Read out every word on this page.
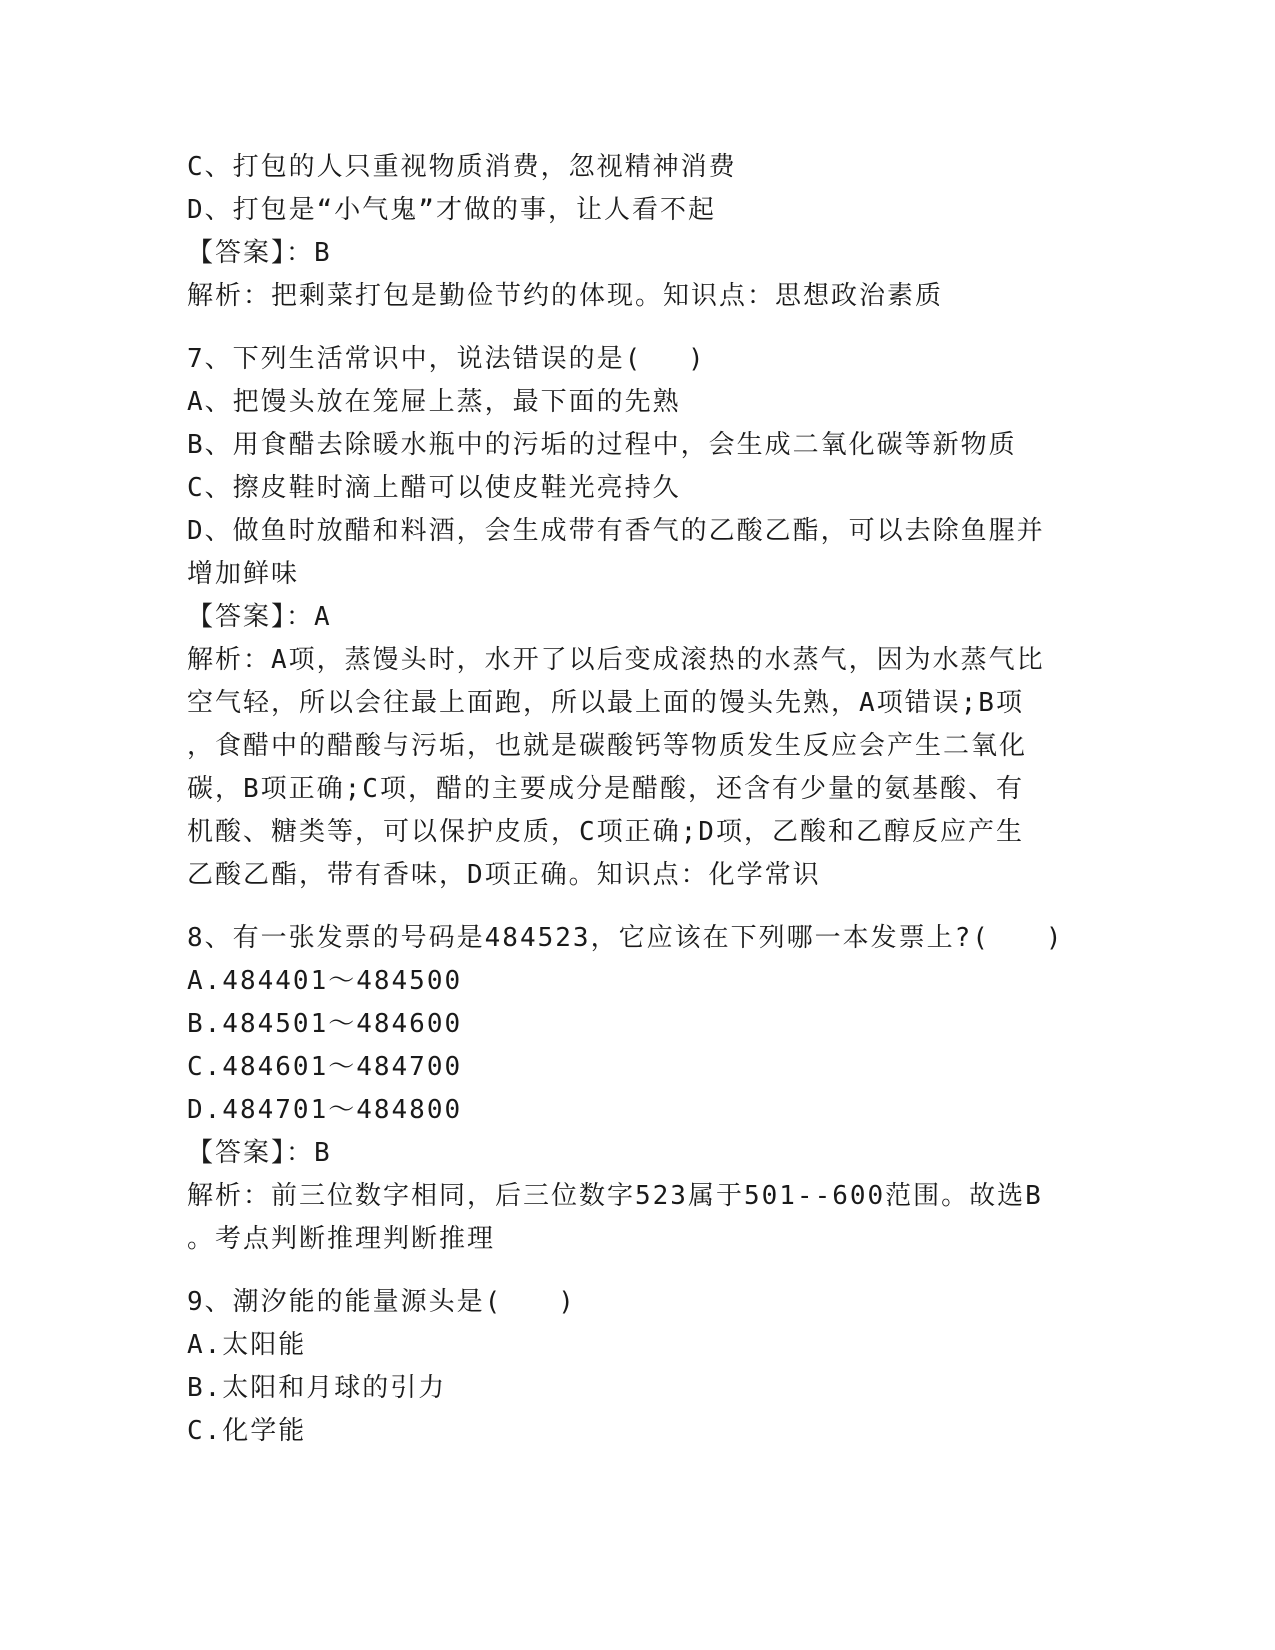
C、打包的人只重视物质消费，忽视精神消费
D、打包是“小气鬼”才做的事，让人看不起
【答案】：B
解析：把剩菜打包是勤俭节约的体现。知识点：思想政治素质
7、下列生活常识中，说法错误的是(　 )
A、把馒头放在笼屉上蒸，最下面的先熟
B、用食醋去除暖水瓶中的污垢的过程中，会生成二氧化碳等新物质
C、擦皮鞋时滴上醋可以使皮鞋光亮持久
D、做鱼时放醋和料酒，会生成带有香气的乙酸乙酯，可以去除鱼腥并
增加鲜味
【答案】：A
解析：A项，蒸馒头时，水开了以后变成滚热的水蒸气，因为水蒸气比
空气轻，所以会往最上面跑，所以最上面的馒头先熟，A项错误;B项
，食醋中的醋酸与污垢，也就是碳酸钙等物质发生反应会产生二氧化
碳，B项正确;C项，醋的主要成分是醋酸，还含有少量的氨基酸、有
机酸、糖类等，可以保护皮质，C项正确;D项，乙酸和乙醇反应产生
乙酸乙酯，带有香味，D项正确。知识点：化学常识
8、有一张发票的号码是484523，它应该在下列哪一本发票上?(　　)
A.484401～484500
B.484501～484600
C.484601～484700
D.484701～484800
【答案】：B
解析：前三位数字相同，后三位数字523属于501--600范围。故选B
。考点判断推理判断推理
9、潮汐能的能量源头是(　　)
A.太阳能
B.太阳和月球的引力
C.化学能
